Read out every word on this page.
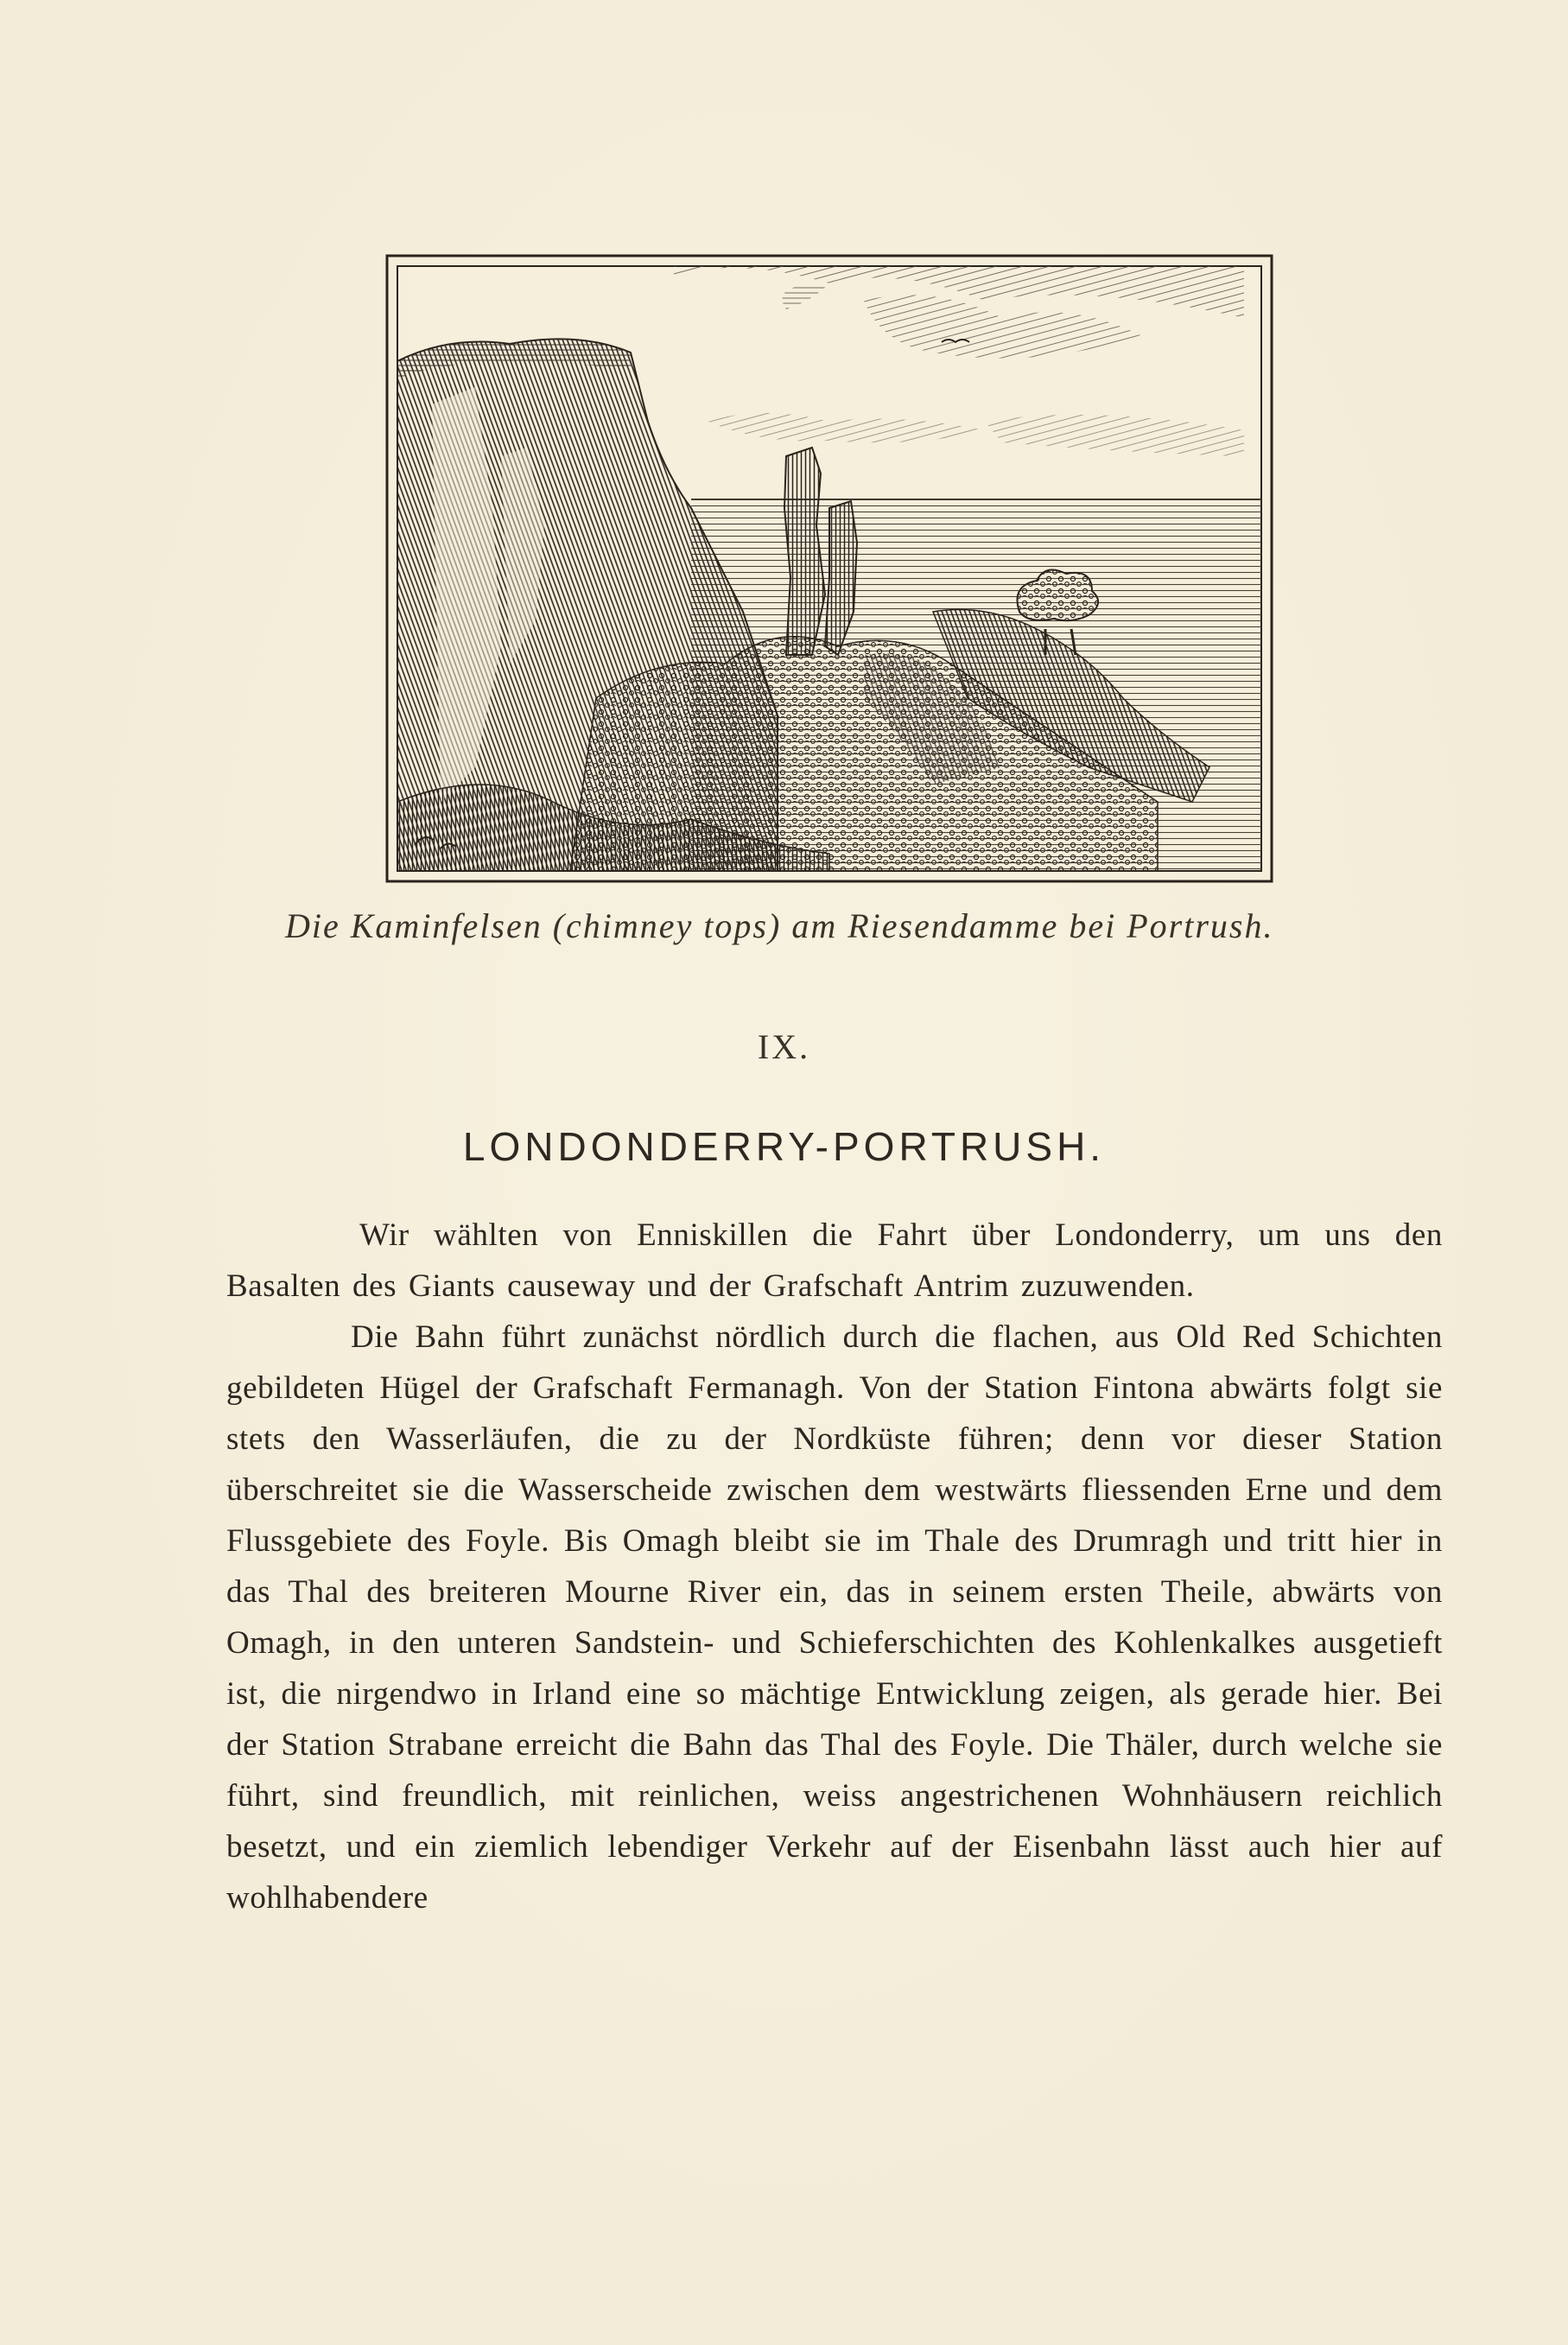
Die Kaminfelsen (chimney tops) am Riesendamme bei Portrush.
IX.
LONDONDERRY-PORTRUSH.

Wir wählten von Enniskillen die Fahrt über Londonderry, um uns den Basalten des Giants causeway und der Grafschaft Antrim zuzuwenden.

Die Bahn führt zunächst nördlich durch die flachen, aus Old Red Schichten gebildeten Hügel der Grafschaft Fermanagh. Von der Station Fintona abwärts folgt sie stets den Wasserläufen, die zu der Nordküste führen; denn vor dieser Station überschreitet sie die Wasserscheide zwischen dem westwärts fliessenden Erne und dem Flussgebiete des Foyle. Bis Omagh bleibt sie im Thale des Drumragh und tritt hier in das Thal des breiteren Mourne River ein, das in seinem ersten Theile, abwärts von Omagh, in den unteren Sandstein- und Schieferschichten des Kohlenkalkes ausgetieft ist, die nirgendwo in Irland eine so mächtige Entwicklung zeigen, als gerade hier. Bei der Station Strabane erreicht die Bahn das Thal des Foyle. Die Thäler, durch welche sie führt, sind freundlich, mit reinlichen, weiss angestrichenen Wohnhäusern reichlich besetzt, und ein ziemlich lebendiger Verkehr auf der Eisenbahn lässt auch hier auf wohlhabendere
